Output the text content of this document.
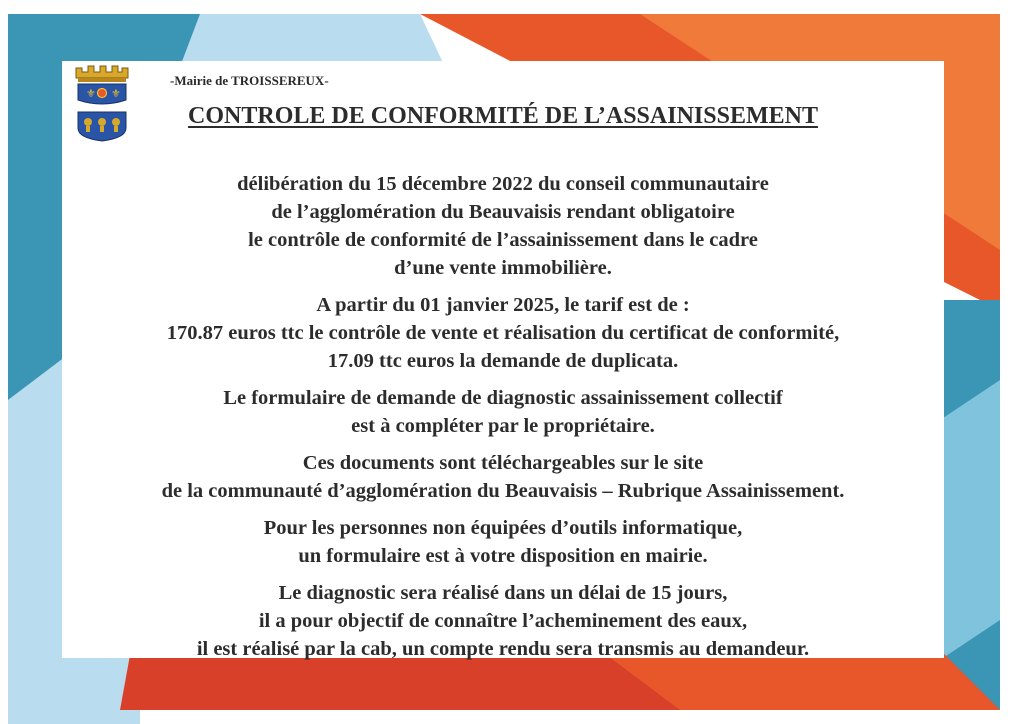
⚜ ⚜
-Mairie de TROISSEREUX-
CONTROLE DE CONFORMITÉ DE L’ASSAINISSEMENT
délibération du 15 décembre 2022 du conseil communautaire
de l’agglomération du Beauvaisis rendant obligatoire
le contrôle de conformité de l’assainissement dans le cadre
d’une vente immobilière.
A partir du 01 janvier 2025, le tarif est de :
170.87 euros ttc le contrôle de vente et réalisation du certificat de conformité,
17.09 ttc euros la demande de duplicata.
Le formulaire de demande de diagnostic assainissement collectif
est à compléter par le propriétaire.
Ces documents sont téléchargeables sur le site
de la communauté d’agglomération du Beauvaisis – Rubrique Assainissement.
Pour les personnes non équipées d’outils informatique,
un formulaire est à votre disposition en mairie.
Le diagnostic sera réalisé dans un délai de 15 jours,
il a pour objectif de connaître l’acheminement des eaux,
il est réalisé par la cab, un compte rendu sera transmis au demandeur.
